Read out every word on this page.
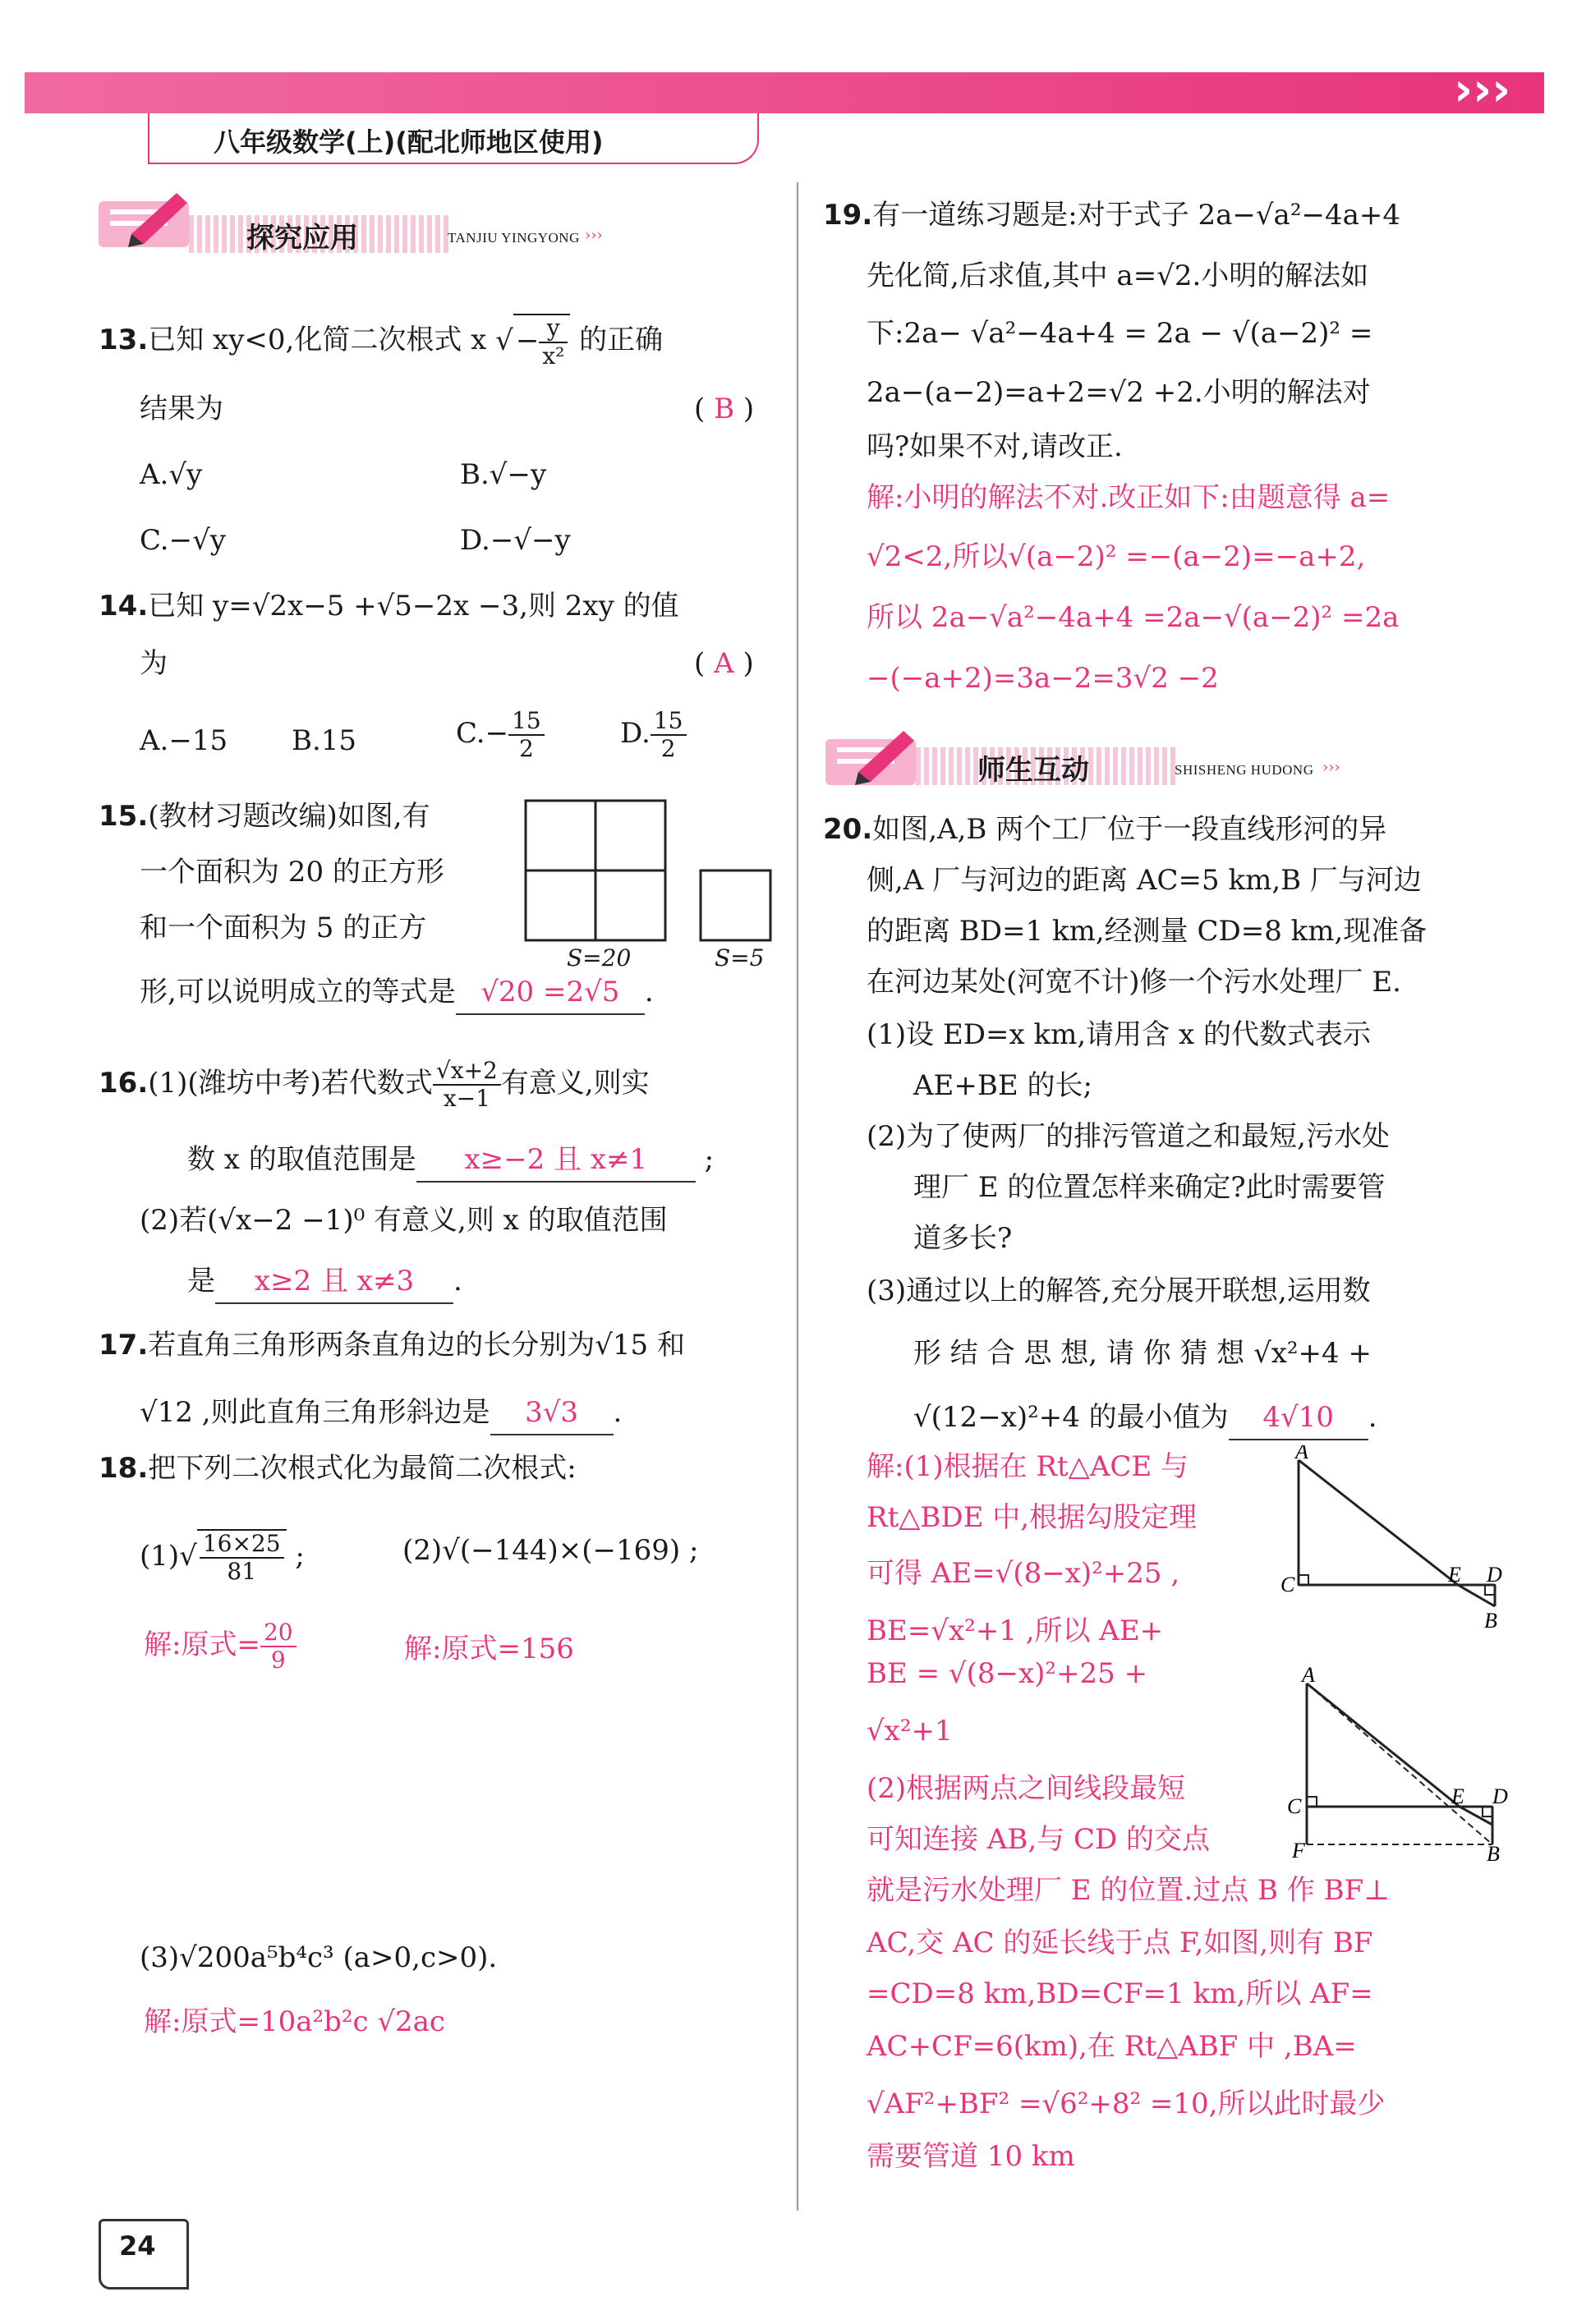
›››
八年级数学(上)(配北师地区使用)
探究应用	TANJIU YINGYONG ›››
13.已知 xy<0,化简二次根式 x √− $\frac{y}{\text{x²}}$ 的正确
结果为	( B )
A.√y	B.√−y
C.−√y	D.−√−y
14.已知 y=√2x−5 +√5−2x −3,则 2xy 的值
为	( A )
A.−15 B.15	$C.- \frac{15}{2}$	D. $\frac{15}{2}$
15.(教材习题改编)如图,有
一个面积为 20 的正方形
和一个面积为 5 的正方
形,可以说明成立的等式是 √20 =2√5 .
S=20	S=5
16.(1)(潍坊中考)若代数式 $\frac{√x+2}{x-1}$ 有意义,则实
数 x 的取值范围是 x≥−2 且 x≠1 ;
(2)若(√x−2 −1)⁰ 有意义,则 x 的取值范围
是 x≥2 且 x≠3 .
17.若直角三角形两条直角边的长分别为√15 和
√12 ,则此直角三角形斜边是 3√3 .
18.把下列二次根式化为最简二次根式:
$(1)√ \frac{16\times 25}{81}$ ;	(2)√(−144)×(−169) ;
解:原式= $\frac{20}{9}$	解:原式=156
(3)√200a⁵b⁴c³ (a>0,c>0).
解:原式=10a²b²c √2ac
19.有一道练习题是:对于式子 2a−√a²−4a+4
先化简,后求值,其中 a=√2.小明的解法如
下:2a− √a²−4a+4 = 2a − √(a−2)² =
2a−(a−2)=a+2=√2 +2.小明的解法对
吗?如果不对,请改正.
解:小明的解法不对.改正如下:由题意得 a=
√2<2,所以√(a−2)² =−(a−2)=−a+2,
所以 2a−√a²−4a+4 =2a−√(a−2)² =2a
−(−a+2)=3a−2=3√2 −2
师生互动	SHISHENG HUDONG ›››
20.如图,A,B 两个工厂位于一段直线形河的异
侧,A 厂与河边的距离 AC=5 km,B 厂与河边
的距离 BD=1 km,经测量 CD=8 km,现准备
在河边某处(河宽不计)修一个污水处理厂 E.
(1)设 ED=x km,请用含 x 的代数式表示
AE+BE 的长;
(2)为了使两厂的排污管道之和最短,污水处
理厂 E 的位置怎样来确定?此时需要管
道多长?
(3)通过以上的解答,充分展开联想,运用数
形 结 合 思 想, 请 你 猜 想 √x²+4 +
√(12−x)²+4 的最小值为 4√10 .
解:(1)根据在 Rt△ACE 与
Rt△BDE 中,根据勾股定理
可得 AE=√(8−x)²+25 ,
BE=√x²+1 ,所以 AE+
BE = √(8−x)²+25 +
√x²+1
(2)根据两点之间线段最短
可知连接 AB,与 CD 的交点
就是污水处理厂 E 的位置.过点 B 作 BF⊥
AC,交 AC 的延长线于点 F,如图,则有 BF
=CD=8 km,BD=CF=1 km,所以 AF=
AC+CF=6(km),在 Rt△ABF 中 ,BA=
√AF²+BF² =√6²+8² =10,所以此时最少
需要管道 10 km
A
C	E D
B
A
C
F
E D
B
24
